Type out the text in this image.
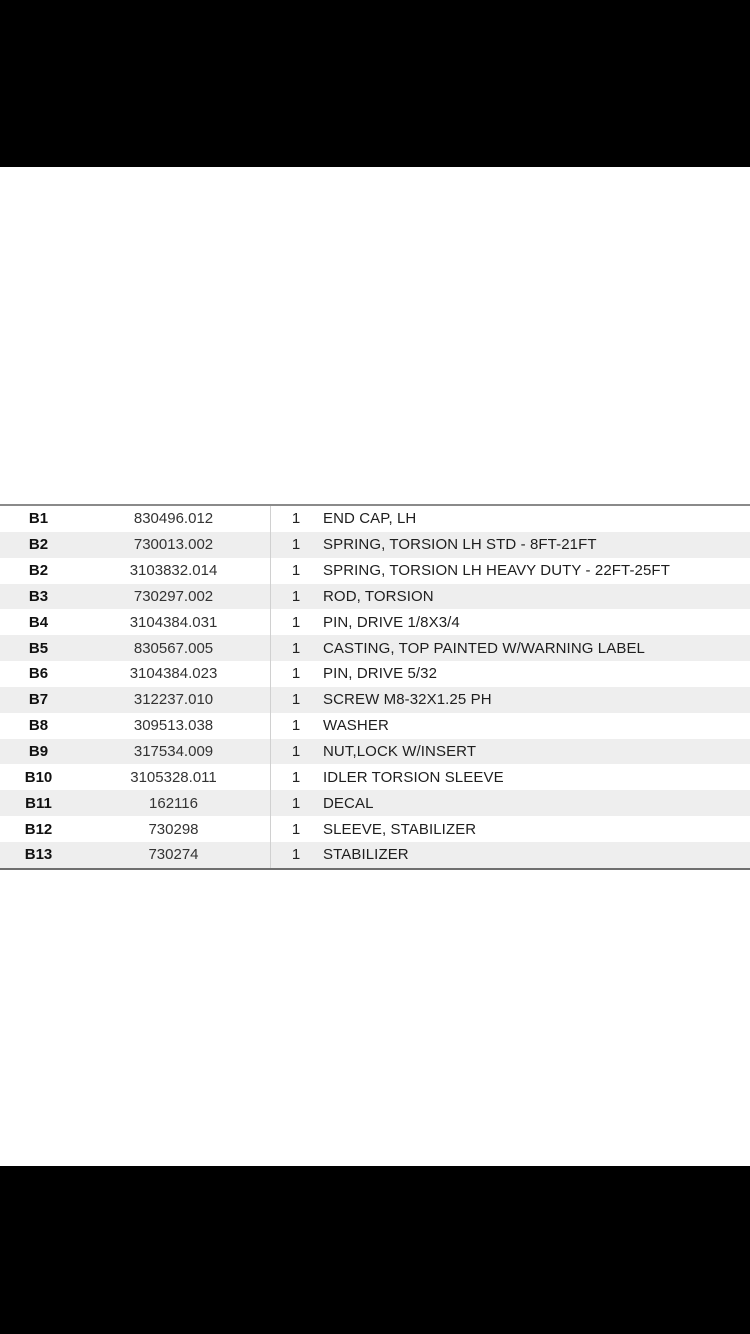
B1	830496.012	1	END CAP, LH
B2	730013.002	1	SPRING, TORSION LH STD - 8FT-21FT
B2	3103832.014	1	SPRING, TORSION LH HEAVY DUTY - 22FT-25FT
B3	730297.002	1	ROD, TORSION
B4	3104384.031	1	PIN, DRIVE 1/8X3/4
B5	830567.005	1	CASTING, TOP PAINTED W/WARNING LABEL
B6	3104384.023	1	PIN, DRIVE 5/32
B7	312237.010	1	SCREW M8-32X1.25 PH
B8	309513.038	1	WASHER
B9	317534.009	1	NUT,LOCK W/INSERT
B10	3105328.011	1	IDLER TORSION SLEEVE
B11	162116	1	DECAL
B12	730298	1	SLEEVE, STABILIZER
B13	730274	1	STABILIZER
